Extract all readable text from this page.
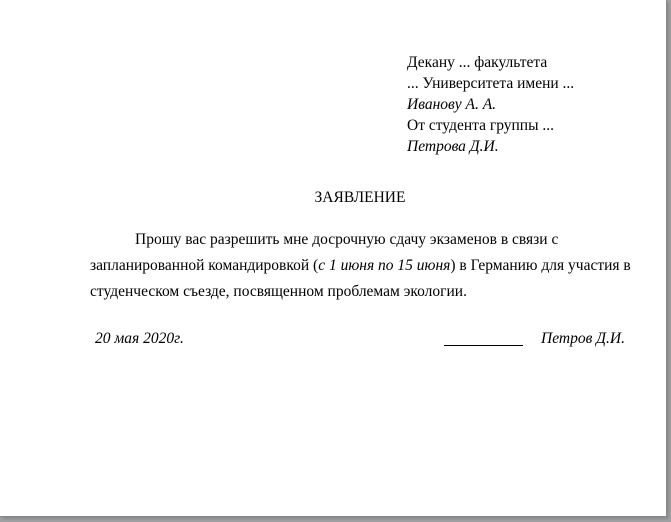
Декану ... факультета
... Университета имени ...
Иванову А. А.
От студента группы ...
Петрова Д.И.
ЗАЯВЛЕНИЕ
Прошу вас разрешить мне досрочную сдачу экзаменов в связи с
запланированной командировкой (с 1 июня по 15 июня) в Германию для участия в
студенческом съезде, посвященном проблемам экологии.
20 мая 2020г.	Петров Д.И.
